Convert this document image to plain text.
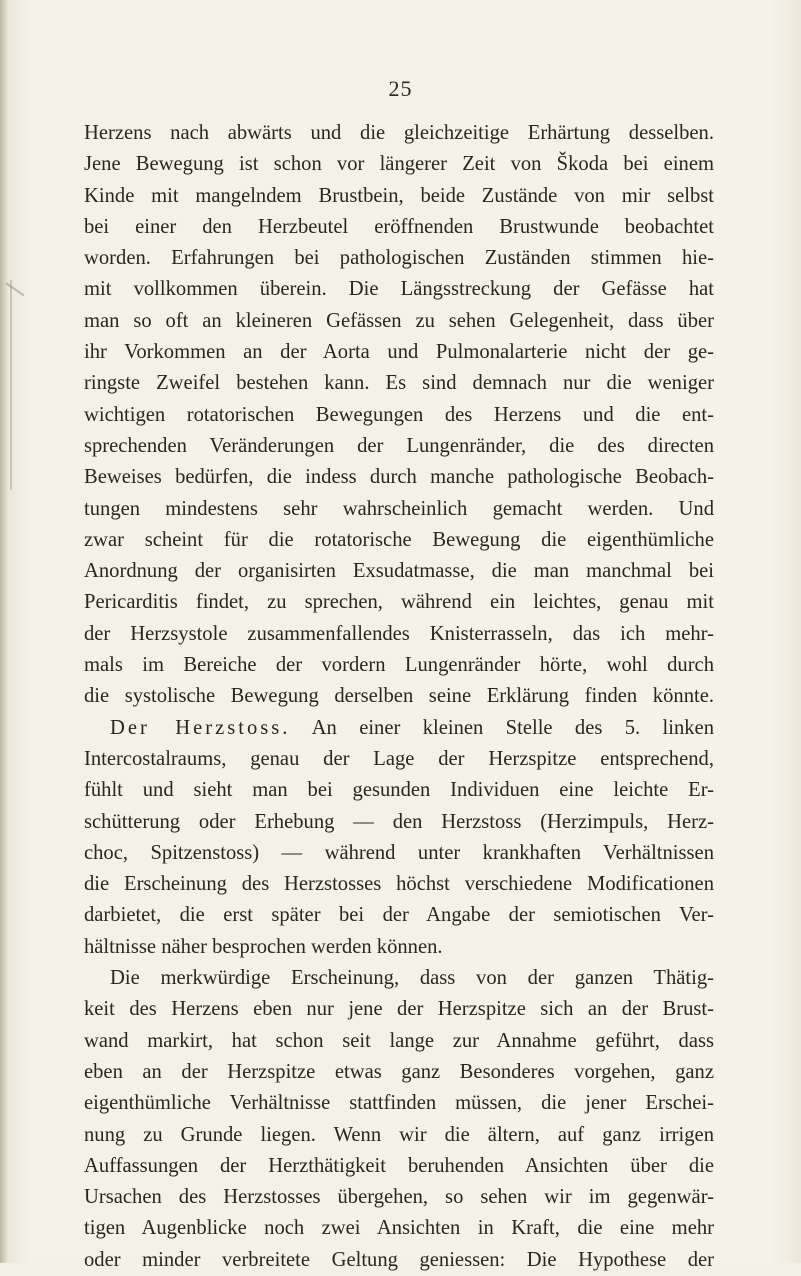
25
Herzens nach abwärts und die gleichzeitige Erhärtung desselben.
Jene Bewegung ist schon vor längerer Zeit von Škoda bei einem
Kinde mit mangelndem Brustbein, beide Zustände von mir selbst
bei einer den Herzbeutel eröffnenden Brustwunde beobachtet
worden. Erfahrungen bei pathologischen Zuständen stimmen hie-
mit vollkommen überein. Die Längsstreckung der Gefässe hat
man so oft an kleineren Gefässen zu sehen Gelegenheit, dass über
ihr Vorkommen an der Aorta und Pulmonalarterie nicht der ge-
ringste Zweifel bestehen kann. Es sind demnach nur die weniger
wichtigen rotatorischen Bewegungen des Herzens und die ent-
sprechenden Veränderungen der Lungenränder, die des directen
Beweises bedürfen, die indess durch manche pathologische Beobach-
tungen mindestens sehr wahrscheinlich gemacht werden. Und
zwar scheint für die rotatorische Bewegung die eigenthümliche
Anordnung der organisirten Exsudatmasse, die man manchmal bei
Pericarditis findet, zu sprechen, während ein leichtes, genau mit
der Herzsystole zusammenfallendes Knisterrasseln, das ich mehr-
mals im Bereiche der vordern Lungenränder hörte, wohl durch
die systolische Bewegung derselben seine Erklärung finden könnte.
Der Herzstoss. An einer kleinen Stelle des 5. linken
Intercostalraums, genau der Lage der Herzspitze entsprechend,
fühlt und sieht man bei gesunden Individuen eine leichte Er-
schütterung oder Erhebung — den Herzstoss (Herzimpuls, Herz-
choc, Spitzenstoss) — während unter krankhaften Verhältnissen
die Erscheinung des Herzstosses höchst verschiedene Modificationen
darbietet, die erst später bei der Angabe der semiotischen Ver-
hältnisse näher besprochen werden können.
Die merkwürdige Erscheinung, dass von der ganzen Thätig-
keit des Herzens eben nur jene der Herzspitze sich an der Brust-
wand markirt, hat schon seit lange zur Annahme geführt, dass
eben an der Herzspitze etwas ganz Besonderes vorgehen, ganz
eigenthümliche Verhältnisse stattfinden müssen, die jener Erschei-
nung zu Grunde liegen. Wenn wir die ältern, auf ganz irrigen
Auffassungen der Herzthätigkeit beruhenden Ansichten über die
Ursachen des Herzstosses übergehen, so sehen wir im gegenwär-
tigen Augenblicke noch zwei Ansichten in Kraft, die eine mehr
oder minder verbreitete Geltung geniessen: Die Hypothese der
